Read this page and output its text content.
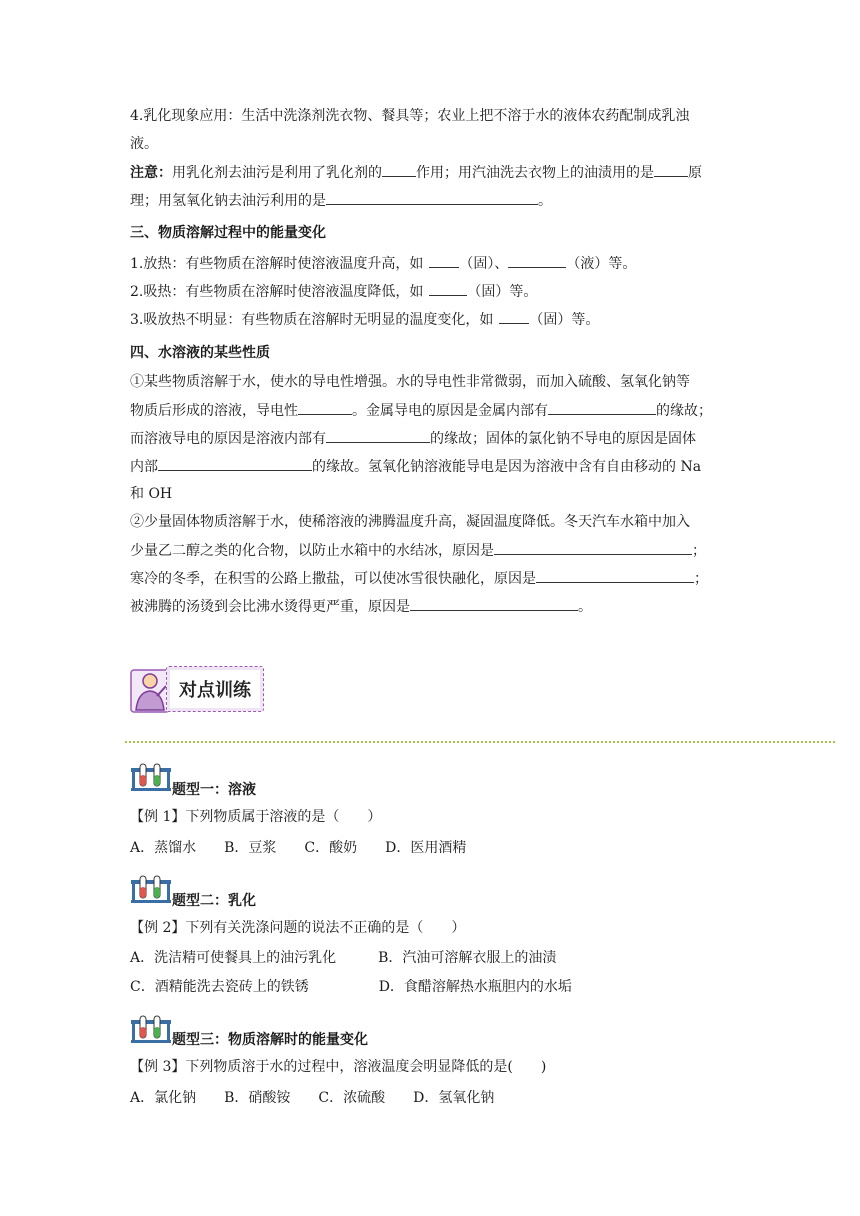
4.乳化现象应用：生活中洗涤剂洗衣物、餐具等；农业上把不溶于水的液体农药配制成乳浊
液。
注意：用乳化剂去油污是利用了乳化剂的 作用；用汽油洗去衣物上的油渍用的是 原
理；用氢氧化钠去油污利用的是	。
三、物质溶解过程中的能量变化
1.放热：有些物质在溶解时使溶液温度升高，如	（固）、	（液）等。
2.吸热：有些物质在溶解时使溶液温度降低，如	（固）等。
3.吸放热不明显：有些物质在溶解时无明显的温度变化，如	（固）等。
四、水溶液的某些性质
①某些物质溶解于水，使水的导电性增强。水的导电性非常微弱，而加入硫酸、氢氧化钠等
物质后形成的溶液，导电性	。金属导电的原因是金属内部有	的缘故；
而溶液导电的原因是溶液内部有	的缘故；固体的氯化钠不导电的原因是固体
内部	的缘故。氢氧化钠溶液能导电是因为溶液中含有自由移动的 Na
和 OH
②少量固体物质溶解于水，使稀溶液的沸腾温度升高，凝固温度降低。冬天汽车水箱中加入
少量乙二醇之类的化合物，以防止水箱中的水结冰，原因是	；
寒冷的冬季，在积雪的公路上撒盐，可以使冰雪很快融化，原因是	；
被沸腾的汤烫到会比沸水烫得更严重，原因是	。
对点训练
题型一：溶液
【例 1】下列物质属于溶液的是（　　）
A．蒸馏水　　B．豆浆　　C．酸奶　　D．医用酒精
题型二：乳化
【例 2】下列有关洗涤问题的说法不正确的是（　　）
A．洗洁精可使餐具上的油污乳化　　　B．汽油可溶解衣服上的油渍
C．酒精能洗去瓷砖上的铁锈　　　　　D．食醋溶解热水瓶胆内的水垢
题型三：物质溶解时的能量变化
【例 3】下列物质溶于水的过程中，溶液温度会明显降低的是(　　)
A．氯化钠　　B．硝酸铵　　C．浓硫酸　　D．氢氧化钠
